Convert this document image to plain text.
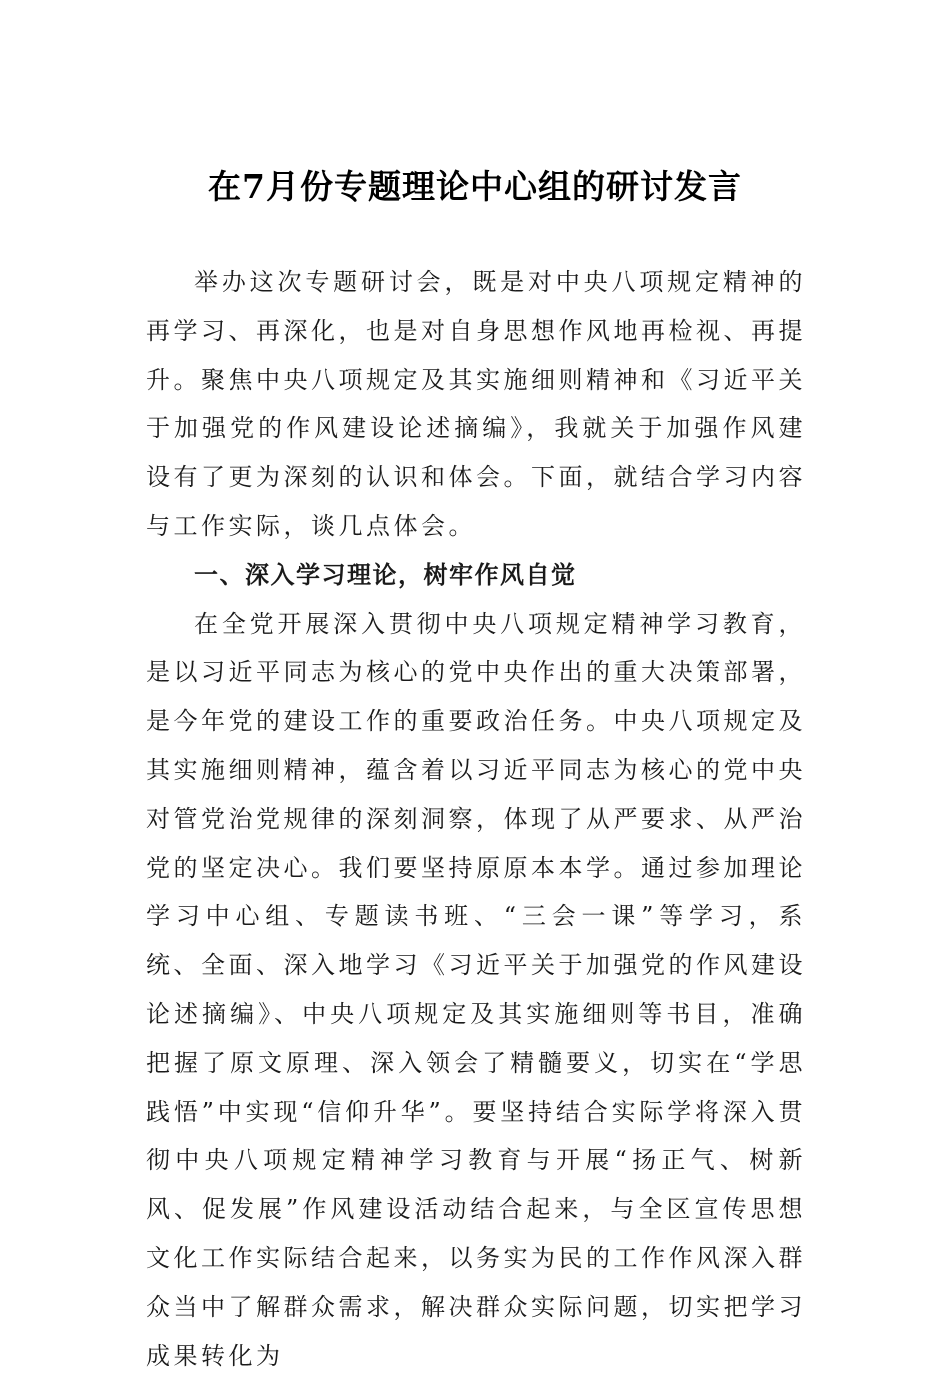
在7月份专题理论中心组的研讨发言

举办这次专题研讨会，既是对中央八项规定精神的再学习、再深化，也是对自身思想作风地再检视、再提升。聚焦中央八项规定及其实施细则精神和《习近平关于加强党的作风建设论述摘编》，我就关于加强作风建设有了更为深刻的认识和体会。下面，就结合学习内容与工作实际，谈几点体会。

一、深入学习理论，树牢作风自觉

在全党开展深入贯彻中央八项规定精神学习教育，是以习近平同志为核心的党中央作出的重大决策部署，是今年党的建设工作的重要政治任务。中央八项规定及其实施细则精神，蕴含着以习近平同志为核心的党中央对管党治党规律的深刻洞察，体现了从严要求、从严治党的坚定决心。我们要坚持原原本本学。通过参加理论学习中心组、专题读书班、“三会一课”等学习，系统、全面、深入地学习《习近平关于加强党的作风建设论述摘编》、中央八项规定及其实施细则等书目，准确把握了原文原理、深入领会了精髓要义，切实在“学思践悟”中实现“信仰升华”。要坚持结合实际学将深入贯彻中央八项规定精神学习教育与开展“扬正气、树新风、促发展”作风建设活动结合起来，与全区宣传思想文化工作实际结合起来，以务实为民的工作作风深入群众当中了解群众需求，解决群众实际问题，切实把学习成果转化为
